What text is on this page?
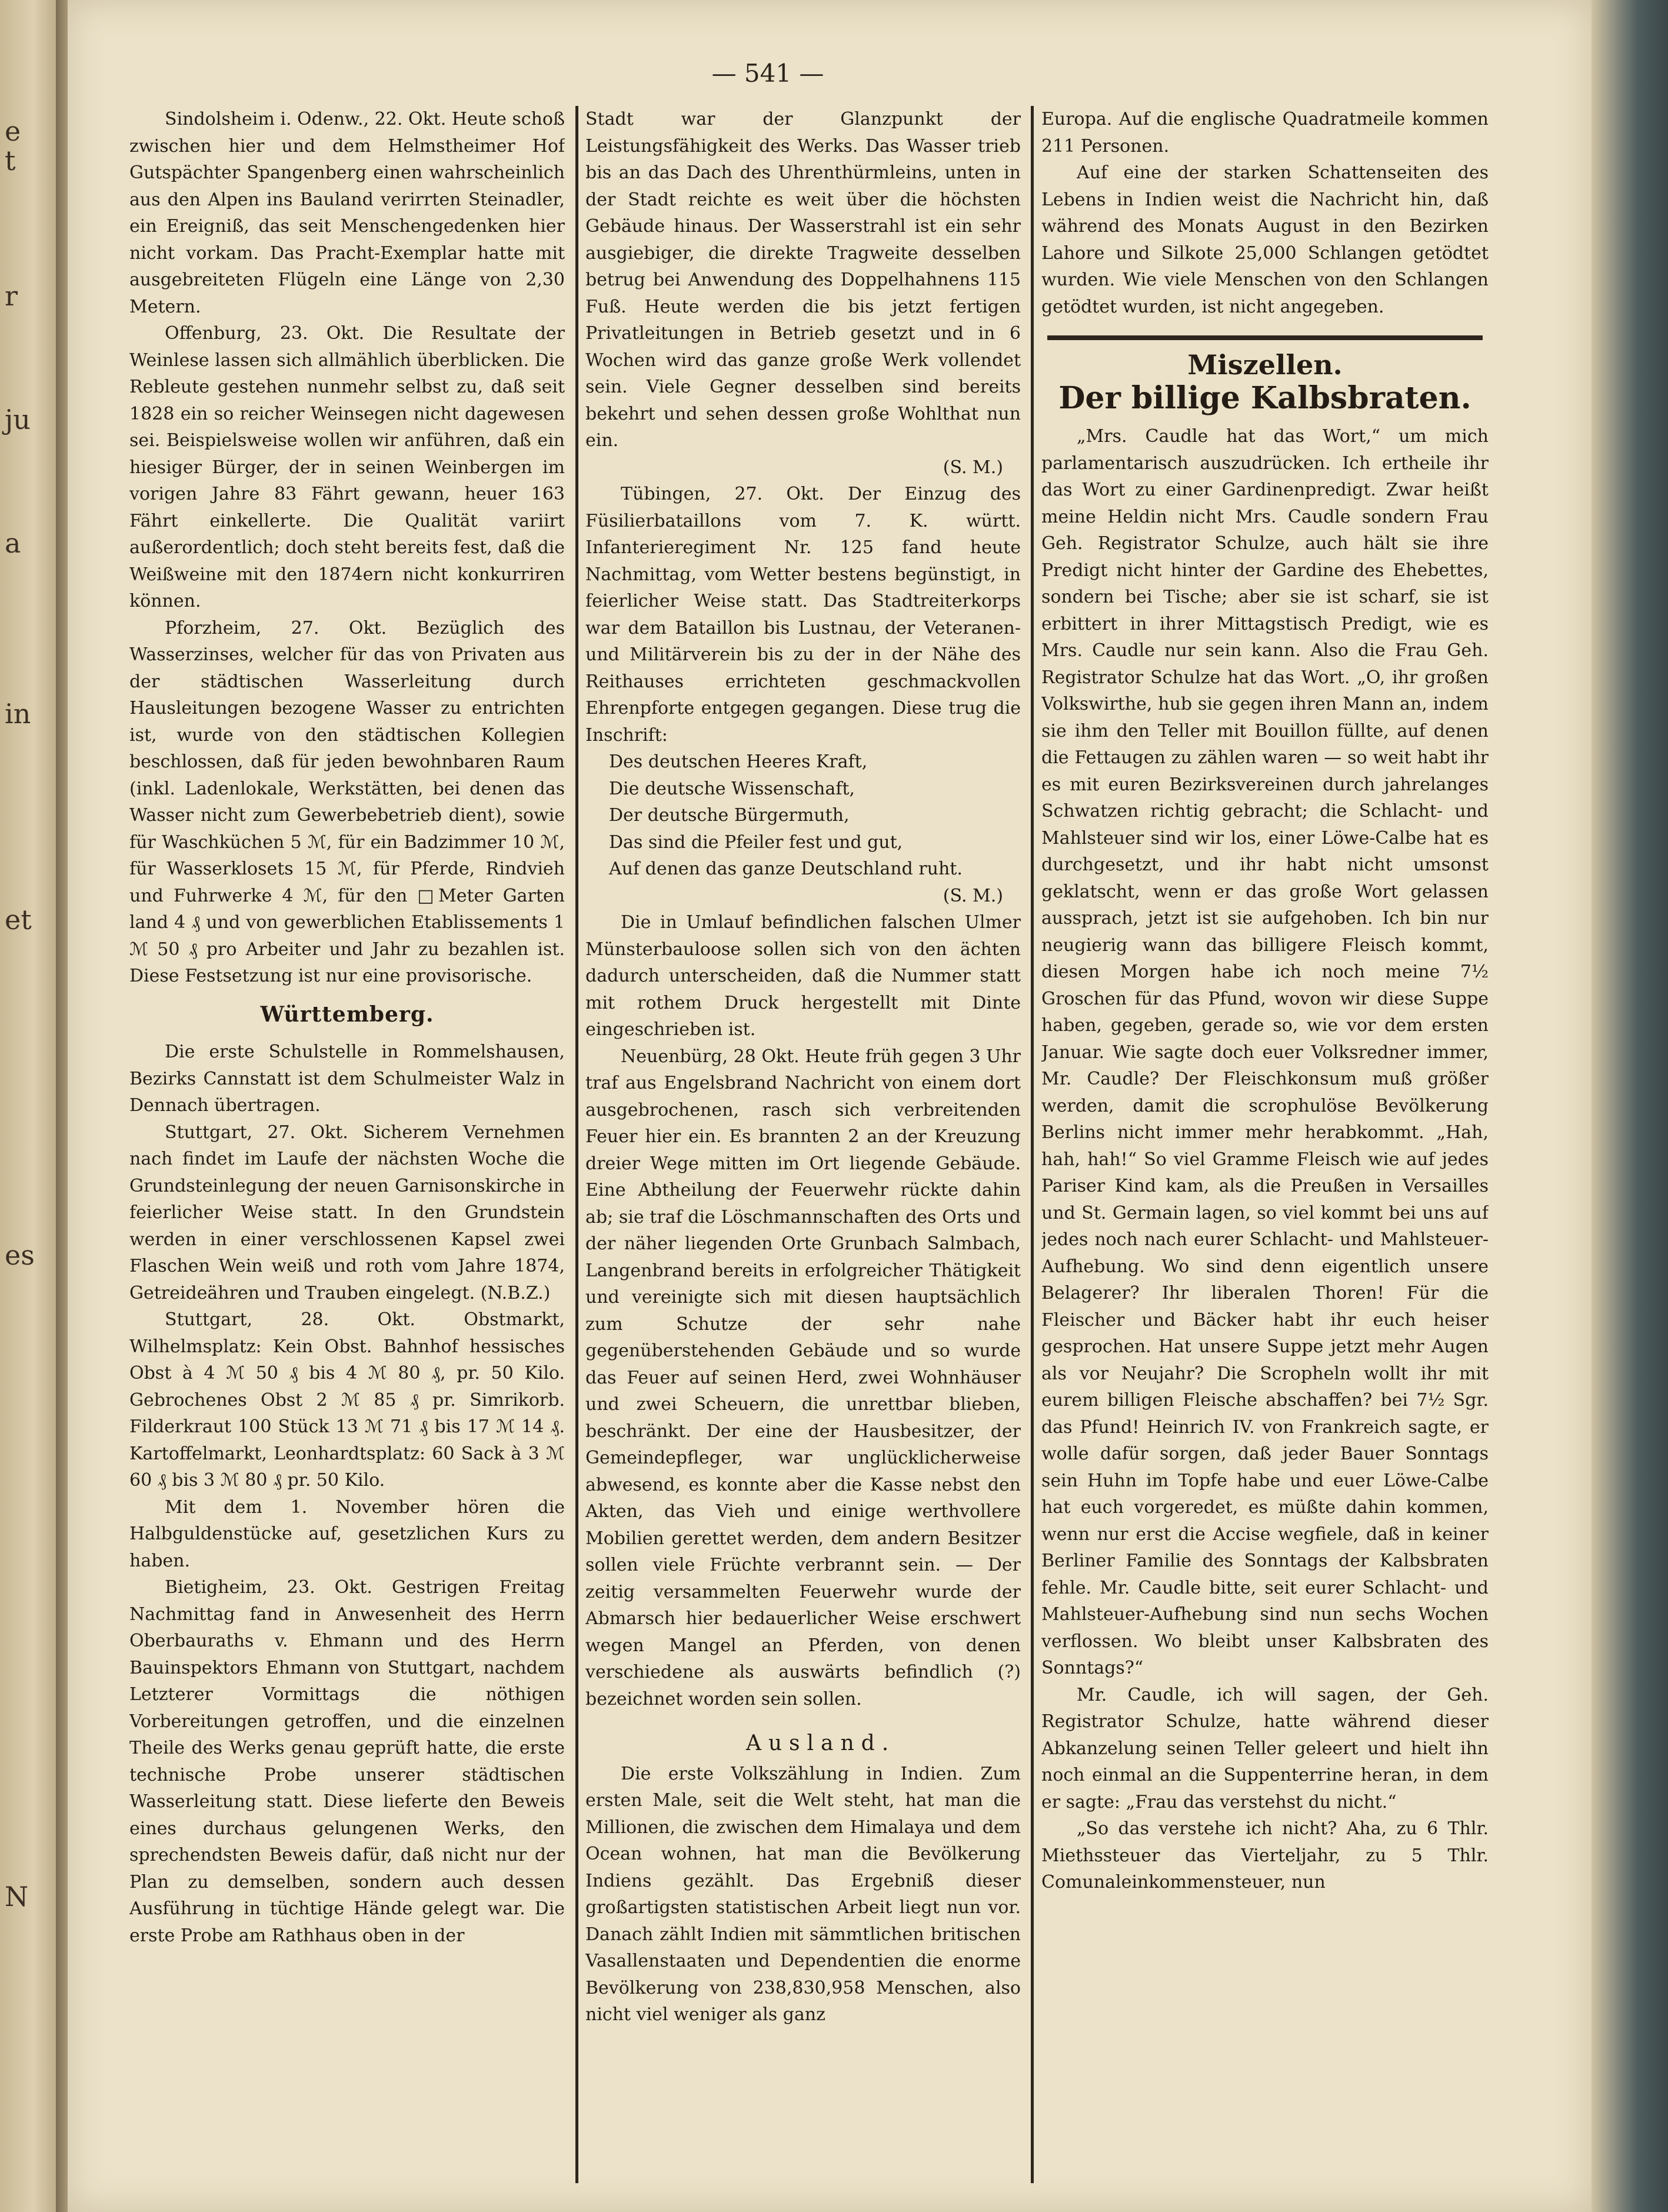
e
t
r
ju
a
in
et
es
N
— 541 —

Sindolsheim i. Odenw., 22. Okt. Heute schoß zwischen hier und dem Helmstheimer Hof Gutspächter Spangenberg einen wahrscheinlich aus den Alpen ins Bauland verirrten Steinadler, ein Ereigniß, das seit Menschengedenken hier nicht vorkam. Das Pracht-Exemplar hatte mit ausgebreiteten Flügeln eine Länge von 2,30 Metern.

Offenburg, 23. Okt. Die Resultate der Weinlese lassen sich allmählich überblicken. Die Rebleute gestehen nunmehr selbst zu, daß seit 1828 ein so reicher Weinsegen nicht dagewesen sei. Beispielsweise wollen wir anführen, daß ein hiesiger Bürger, der in seinen Weinbergen im vorigen Jahre 83 Fährt gewann, heuer 163 Fährt einkellerte. Die Qualität variirt außerordentlich; doch steht bereits fest, daß die Weißweine mit den 1874ern nicht konkurriren können.

Pforzheim, 27. Okt. Bezüglich des Wasserzinses, welcher für das von Privaten aus der städtischen Wasserleitung durch Hausleitungen bezogene Wasser zu entrichten ist, wurde von den städtischen Kollegien beschlossen, daß für jeden bewohnbaren Raum (inkl. Ladenlokale, Werkstätten, bei denen das Wasser nicht zum Gewerbebetrieb dient), sowie für Waschküchen 5 ℳ, für ein Badzimmer 10 ℳ, für Wasserklosets 15 ℳ, für Pferde, Rindvieh und Fuhrwerke 4 ℳ, für den □Meter Garten land 4 ₰ und von gewerblichen Etablissements 1 ℳ 50 ₰ pro Arbeiter und Jahr zu bezahlen ist. Diese Festsetzung ist nur eine provisorische.

Württemberg.

Die erste Schulstelle in Rommelshausen, Bezirks Cannstatt ist dem Schulmeister Walz in Dennach übertragen.

Stuttgart, 27. Okt. Sicherem Vernehmen nach findet im Laufe der nächsten Woche die Grundsteinlegung der neuen Garnisonskirche in feierlicher Weise statt. In den Grundstein werden in einer verschlossenen Kapsel zwei Flaschen Wein weiß und roth vom Jahre 1874, Getreideähren und Trauben eingelegt. (N.B.Z.)

Stuttgart, 28. Okt. Obstmarkt, Wilhelmsplatz: Kein Obst. Bahnhof hessisches Obst à 4 ℳ 50 ₰ bis 4 ℳ 80 ₰, pr. 50 Kilo. Gebrochenes Obst 2 ℳ 85 ₰ pr. Simrikorb. Filderkraut 100 Stück 13 ℳ 71 ₰ bis 17 ℳ 14 ₰. Kartoffelmarkt, Leonhardtsplatz: 60 Sack à 3 ℳ 60 ₰ bis 3 ℳ 80 ₰ pr. 50 Kilo.

Mit dem 1. November hören die Halbguldenstücke auf, gesetzlichen Kurs zu haben.

Bietigheim, 23. Okt. Gestrigen Freitag Nachmittag fand in Anwesenheit des Herrn Oberbauraths v. Ehmann und des Herrn Bauinspektors Ehmann von Stuttgart, nachdem Letzterer Vormittags die nöthigen Vorbereitungen getroffen, und die einzelnen Theile des Werks genau geprüft hatte, die erste technische Probe unserer städtischen Wasserleitung statt. Diese lieferte den Beweis eines durchaus gelungenen Werks, den sprechendsten Beweis dafür, daß nicht nur der Plan zu demselben, sondern auch dessen Ausführung in tüchtige Hände gelegt war. Die erste Probe am Rathhaus oben in der

Stadt war der Glanzpunkt der Leistungsfähigkeit des Werks. Das Wasser trieb bis an das Dach des Uhrenthürmleins, unten in der Stadt reichte es weit über die höchsten Gebäude hinaus. Der Wasserstrahl ist ein sehr ausgiebiger, die direkte Tragweite desselben betrug bei Anwendung des Doppelhahnens 115 Fuß. Heute werden die bis jetzt fertigen Privatleitungen in Betrieb gesetzt und in 6 Wochen wird das ganze große Werk vollendet sein. Viele Gegner desselben sind bereits bekehrt und sehen dessen große Wohlthat nun ein.

(S. M.)

Tübingen, 27. Okt. Der Einzug des Füsilierbataillons vom 7. K. württ. Infanterieregiment Nr. 125 fand heute Nachmittag, vom Wetter bestens begünstigt, in feierlicher Weise statt. Das Stadtreiterkorps war dem Bataillon bis Lustnau, der Veteranen- und Militärverein bis zu der in der Nähe des Reithauses errichteten geschmackvollen Ehrenpforte entgegen gegangen. Diese trug die Inschrift:

Des deutschen Heeres Kraft,

Die deutsche Wissenschaft,

Der deutsche Bürgermuth,

Das sind die Pfeiler fest und gut,

Auf denen das ganze Deutschland ruht.

(S. M.)

Die in Umlauf befindlichen falschen Ulmer Münsterbauloose sollen sich von den ächten dadurch unterscheiden, daß die Nummer statt mit rothem Druck hergestellt mit Dinte eingeschrieben ist.

Neuenbürg, 28 Okt. Heute früh gegen 3 Uhr traf aus Engelsbrand Nachricht von einem dort ausgebrochenen, rasch sich verbreitenden Feuer hier ein. Es brannten 2 an der Kreuzung dreier Wege mitten im Ort liegende Gebäude. Eine Abtheilung der Feuerwehr rückte dahin ab; sie traf die Löschmannschaften des Orts und der näher liegenden Orte Grunbach Salmbach, Langenbrand bereits in erfolgreicher Thätigkeit und vereinigte sich mit diesen hauptsächlich zum Schutze der sehr nahe gegenüberstehenden Gebäude und so wurde das Feuer auf seinen Herd, zwei Wohnhäuser und zwei Scheuern, die unrettbar blieben, beschränkt. Der eine der Hausbesitzer, der Gemeindepfleger, war unglücklicherweise abwesend, es konnte aber die Kasse nebst den Akten, das Vieh und einige werthvollere Mobilien gerettet werden, dem andern Besitzer sollen viele Früchte verbrannt sein. — Der zeitig versammelten Feuerwehr wurde der Abmarsch hier bedauerlicher Weise erschwert wegen Mangel an Pferden, von denen verschiedene als auswärts befindlich (?) bezeichnet worden sein sollen.

Ausland.

Die erste Volkszählung in Indien. Zum ersten Male, seit die Welt steht, hat man die Millionen, die zwischen dem Himalaya und dem Ocean wohnen, hat man die Bevölkerung Indiens gezählt. Das Ergebniß dieser großartigsten statistischen Arbeit liegt nun vor. Danach zählt Indien mit sämmtlichen britischen Vasallenstaaten und Dependentien die enorme Bevölkerung von 238,830,958 Menschen, also nicht viel weniger als ganz

Europa. Auf die englische Quadratmeile kommen 211 Personen.

Auf eine der starken Schattenseiten des Lebens in Indien weist die Nachricht hin, daß während des Monats August in den Bezirken Lahore und Silkote 25,000 Schlangen getödtet wurden. Wie viele Menschen von den Schlangen getödtet wurden, ist nicht angegeben.

Miszellen.
Der billige Kalbsbraten.

„Mrs. Caudle hat das Wort,“ um mich parlamentarisch auszudrücken. Ich ertheile ihr das Wort zu einer Gardinenpredigt. Zwar heißt meine Heldin nicht Mrs. Caudle sondern Frau Geh. Registrator Schulze, auch hält sie ihre Predigt nicht hinter der Gardine des Ehebettes, sondern bei Tische; aber sie ist scharf, sie ist erbittert in ihrer Mittagstisch Predigt, wie es Mrs. Caudle nur sein kann. Also die Frau Geh. Registrator Schulze hat das Wort. „O, ihr großen Volkswirthe, hub sie gegen ihren Mann an, indem sie ihm den Teller mit Bouillon füllte, auf denen die Fettaugen zu zählen waren — so weit habt ihr es mit euren Bezirksvereinen durch jahrelanges Schwatzen richtig gebracht; die Schlacht- und Mahlsteuer sind wir los, einer Löwe-Calbe hat es durchgesetzt, und ihr habt nicht umsonst geklatscht, wenn er das große Wort gelassen aussprach, jetzt ist sie aufgehoben. Ich bin nur neugierig wann das billigere Fleisch kommt, diesen Morgen habe ich noch meine 7½ Groschen für das Pfund, wovon wir diese Suppe haben, gegeben, gerade so, wie vor dem ersten Januar. Wie sagte doch euer Volksredner immer, Mr. Caudle? Der Fleischkonsum muß größer werden, damit die scrophulöse Bevölkerung Berlins nicht immer mehr herabkommt. „Hah, hah, hah!“ So viel Gramme Fleisch wie auf jedes Pariser Kind kam, als die Preußen in Versailles und St. Germain lagen, so viel kommt bei uns auf jedes noch nach eurer Schlacht- und Mahlsteuer-Aufhebung. Wo sind denn eigentlich unsere Belagerer? Ihr liberalen Thoren! Für die Fleischer und Bäcker habt ihr euch heiser gesprochen. Hat unsere Suppe jetzt mehr Augen als vor Neujahr? Die Scropheln wollt ihr mit eurem billigen Fleische abschaffen? bei 7½ Sgr. das Pfund! Heinrich IV. von Frankreich sagte, er wolle dafür sorgen, daß jeder Bauer Sonntags sein Huhn im Topfe habe und euer Löwe-Calbe hat euch vorgeredet, es müßte dahin kommen, wenn nur erst die Accise wegfiele, daß in keiner Berliner Familie des Sonntags der Kalbsbraten fehle. Mr. Caudle bitte, seit eurer Schlacht- und Mahlsteuer-Aufhebung sind nun sechs Wochen verflossen. Wo bleibt unser Kalbsbraten des Sonntags?“

Mr. Caudle, ich will sagen, der Geh. Registrator Schulze, hatte während dieser Abkanzelung seinen Teller geleert und hielt ihn noch einmal an die Suppenterrine heran, in dem er sagte: „Frau das verstehst du nicht.“

„So das verstehe ich nicht? Aha, zu 6 Thlr. Miethssteuer das Vierteljahr, zu 5 Thlr. Comunaleinkommensteuer, nun
